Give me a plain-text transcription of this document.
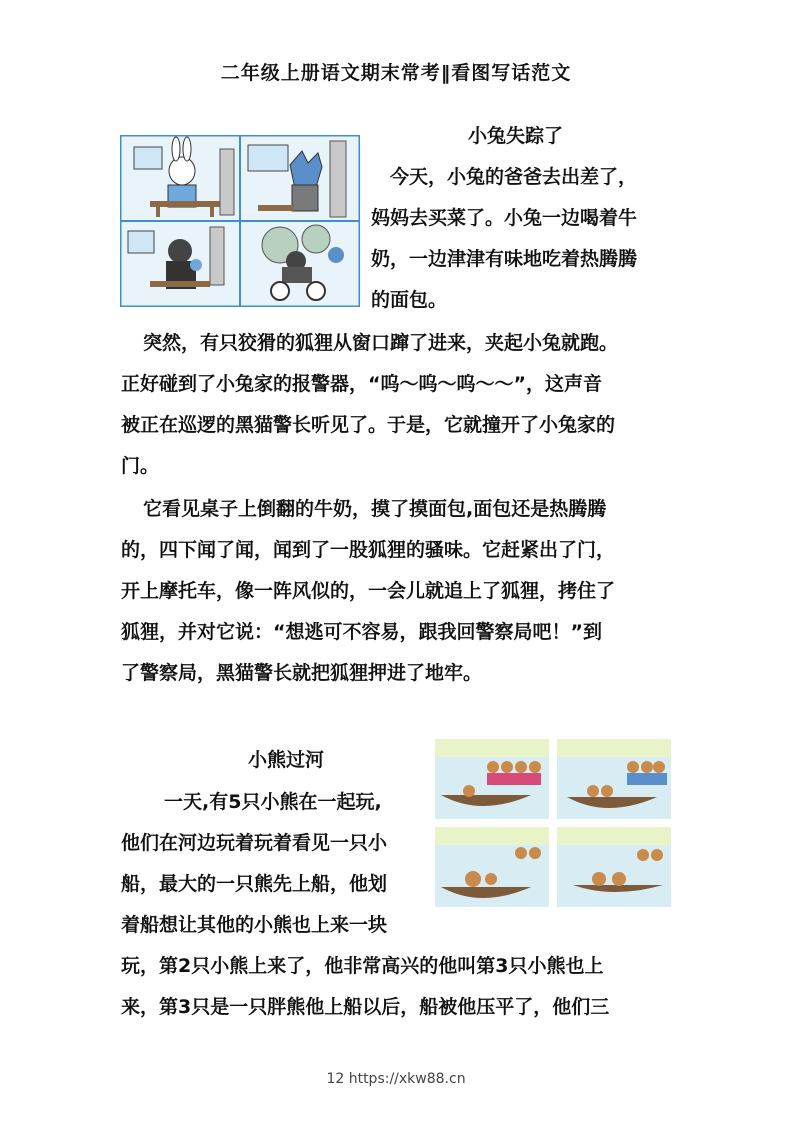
二年级上册语文期末常考‖看图写话范文
小兔失踪了
今天，小兔的爸爸去出差了，
妈妈去买菜了。小兔一边喝着牛
奶，一边津津有味地吃着热腾腾
的面包。
突然，有只狡猾的狐狸从窗口蹿了进来，夹起小兔就跑。
正好碰到了小兔家的报警器，“呜～呜～呜～～”，这声音
被正在巡逻的黑猫警长听见了。于是，它就撞开了小兔家的
门。
它看见桌子上倒翻的牛奶，摸了摸面包,面包还是热腾腾
的，四下闻了闻，闻到了一股狐狸的骚味。它赶紧出了门，
开上摩托车，像一阵风似的，一会儿就追上了狐狸，拷住了
狐狸，并对它说：“想逃可不容易，跟我回警察局吧！”到
了警察局，黑猫警长就把狐狸押进了地牢。
小熊过河
一天,有5只小熊在一起玩,
他们在河边玩着玩着看见一只小
船，最大的一只熊先上船，他划
着船想让其他的小熊也上来一块
玩，第2只小熊上来了，他非常高兴的他叫第3只小熊也上
来，第3只是一只胖熊他上船以后，船被他压平了，他们三
12 https://xkw88.cn
